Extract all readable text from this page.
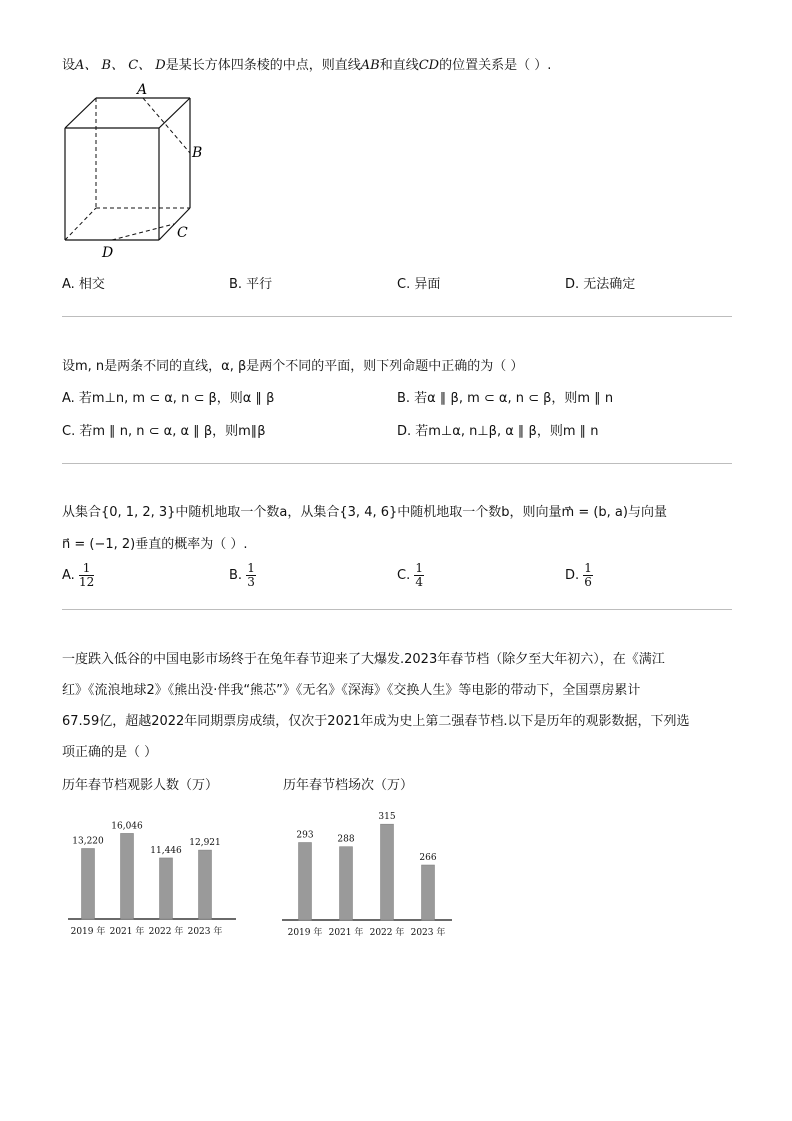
设A、 B、 C、 D是某长方体四条棱的中点，则直线AB和直线CD的位置关系是（ ）.
A
B
C
D
A. 相交	B. 平行	C. 异面	D. 无法确定
设m, n是两条不同的直线，α, β是两个不同的平面，则下列命题中正确的为（ ）
A. 若m⊥n, m ⊂ α, n ⊂ β，则α ∥ β	B. 若α ∥ β, m ⊂ α, n ⊂ β，则m ∥ n
C. 若m ∥ n, n ⊂ α, α ∥ β，则m∥β	D. 若m⊥α, n⊥β, α ∥ β，则m ∥ n
从集合{0, 1, 2, 3}中随机地取一个数a，从集合{3, 4, 6}中随机地取一个数b，则向量m⃗ = (b, a)与向量
n⃗ = (−1, 2)垂直的概率为（ ）.
A. $\frac{1}{12}$	B. $\frac{1}{3}$	C. $\frac{1}{4}$	D. $\frac{1}{6}$
一度跌入低谷的中国电影市场终于在兔年春节迎来了大爆发.2023年春节档（除夕至大年初六），在《满江
红》《流浪地球2》《熊出没·伴我“熊芯”》《无名》《深海》《交换人生》等电影的带动下，全国票房累计
67.59亿，超越2022年同期票房成绩，仅次于2021年成为史上第二强春节档.以下是历年的观影数据，下列选
项正确的是（ ）
历年春节档观影人数（万）	历年春节档场次（万）
13,220
2019 年
16,046
2021 年
11,446
2022 年
12,921
2023 年
293
2019 年
288
2021 年
315
2022 年
266
2023 年
